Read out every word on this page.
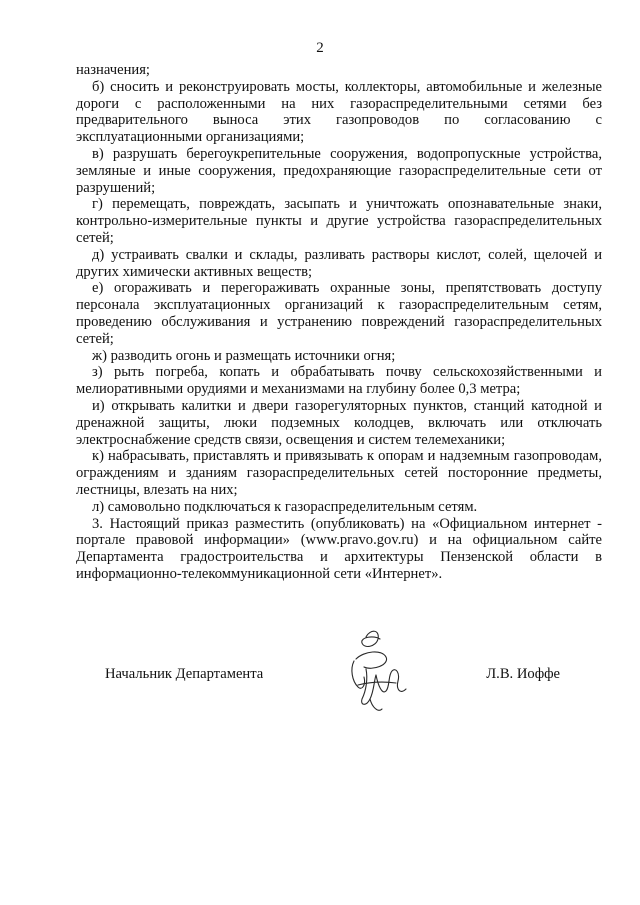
2

назначения;

б) сносить и реконструировать мосты, коллекторы, автомобильные и железные дороги с расположенными на них газораспределительными сетями без предварительного выноса этих газопроводов по согласованию с эксплуатационными организациями;

в) разрушать берегоукрепительные сооружения, водопропускные устройства, земляные и иные сооружения, предохраняющие газораспределительные сети от разрушений;

г) перемещать, повреждать, засыпать и уничтожать опознавательные знаки, контрольно-измерительные пункты и другие устройства газораспределительных сетей;

д) устраивать свалки и склады, разливать растворы кислот, солей, щелочей и других химически активных веществ;

е) огораживать и перегораживать охранные зоны, препятствовать доступу персонала эксплуатационных организаций к газораспределительным сетям, проведению обслуживания и устранению повреждений газораспределительных сетей;

ж) разводить огонь и размещать источники огня;

з) рыть погреба, копать и обрабатывать почву сельскохозяйственными и мелиоративными орудиями и механизмами на глубину более 0,3 метра;

и) открывать калитки и двери газорегуляторных пунктов, станций катодной и дренажной защиты, люки подземных колодцев, включать или отключать электроснабжение средств связи, освещения и систем телемеханики;

к) набрасывать, приставлять и привязывать к опорам и надземным газопроводам, ограждениям и зданиям газораспределительных сетей посторонние предметы, лестницы, влезать на них;

л) самовольно подключаться к газораспределительным сетям.

3. Настоящий приказ разместить (опубликовать) на «Официальном интернет - портале правовой информации» (www.pravo.gov.ru) и на официальном сайте Департамента градостроительства и архитектуры Пензенской области в информационно-телекоммуникационной сети «Интернет».

Начальник Департамента	Л.В. Иоффе
